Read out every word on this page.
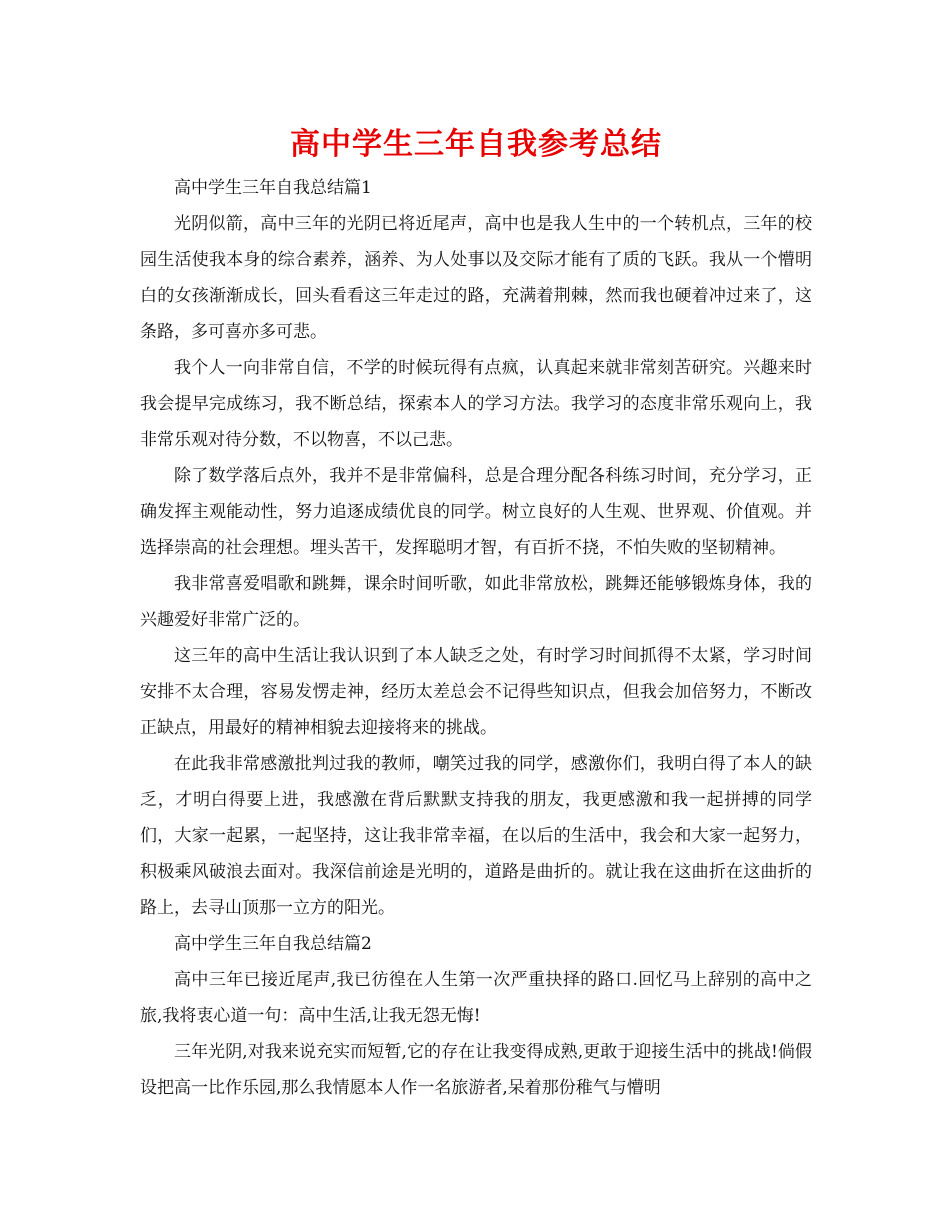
高中学生三年自我参考总结

高中学生三年自我总结篇1

光阴似箭，高中三年的光阴已将近尾声，高中也是我人生中的一个转机点，三年的校园生活使我本身的综合素养，涵养、为人处事以及交际才能有了质的飞跃。我从一个懵明白的女孩渐渐成长，回头看看这三年走过的路，充满着荆棘，然而我也硬着冲过来了，这条路，多可喜亦多可悲。

我个人一向非常自信，不学的时候玩得有点疯，认真起来就非常刻苦研究。兴趣来时我会提早完成练习，我不断总结，探索本人的学习方法。我学习的态度非常乐观向上，我非常乐观对待分数，不以物喜，不以己悲。

除了数学落后点外，我并不是非常偏科，总是合理分配各科练习时间，充分学习，正确发挥主观能动性，努力追逐成绩优良的同学。树立良好的人生观、世界观、价值观。并选择崇高的社会理想。埋头苦干，发挥聪明才智，有百折不挠，不怕失败的坚韧精神。

我非常喜爱唱歌和跳舞，课余时间听歌，如此非常放松，跳舞还能够锻炼身体，我的兴趣爱好非常广泛的。

这三年的高中生活让我认识到了本人缺乏之处，有时学习时间抓得不太紧，学习时间安排不太合理，容易发愣走神，经历太差总会不记得些知识点，但我会加倍努力，不断改正缺点，用最好的精神相貌去迎接将来的挑战。

在此我非常感激批判过我的教师，嘲笑过我的同学，感激你们，我明白得了本人的缺乏，才明白得要上进，我感激在背后默默支持我的朋友，我更感激和我一起拼搏的同学们，大家一起累，一起坚持，这让我非常幸福，在以后的生活中，我会和大家一起努力，积极乘风破浪去面对。我深信前途是光明的，道路是曲折的。就让我在这曲折在这曲折的路上，去寻山顶那一立方的阳光。

高中学生三年自我总结篇2

高中三年已接近尾声,我已彷徨在人生第一次严重抉择的路口.回忆马上辞别的高中之旅,我将衷心道一句：高中生活,让我无怨无悔!

三年光阴,对我来说充实而短暂,它的存在让我变得成熟,更敢于迎接生活中的挑战!倘假设把高一比作乐园,那么我情愿本人作一名旅游者,呆着那份稚气与懵明
